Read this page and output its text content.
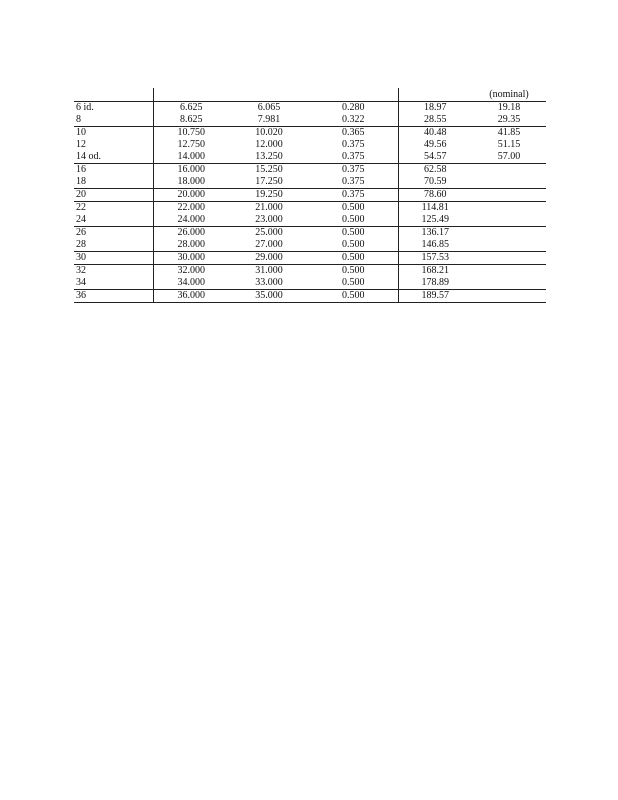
					(nominal)
6 id.	6.625	6.065	0.280	18.97	19.18
8	8.625	7.981	0.322	28.55	29.35
10	10.750	10.020	0.365	40.48	41.85
12	12.750	12.000	0.375	49.56	51.15
14 od.	14.000	13.250	0.375	54.57	57.00
16	16.000	15.250	0.375	62.58	
18	18.000	17.250	0.375	70.59	
20	20.000	19.250	0.375	78.60	
22	22.000	21.000	0.500	114.81	
24	24.000	23.000	0.500	125.49	
26	26.000	25.000	0.500	136.17	
28	28.000	27.000	0.500	146.85	
30	30.000	29.000	0.500	157.53	
32	32.000	31.000	0.500	168.21	
34	34.000	33.000	0.500	178.89	
36	36.000	35.000	0.500	189.57	
